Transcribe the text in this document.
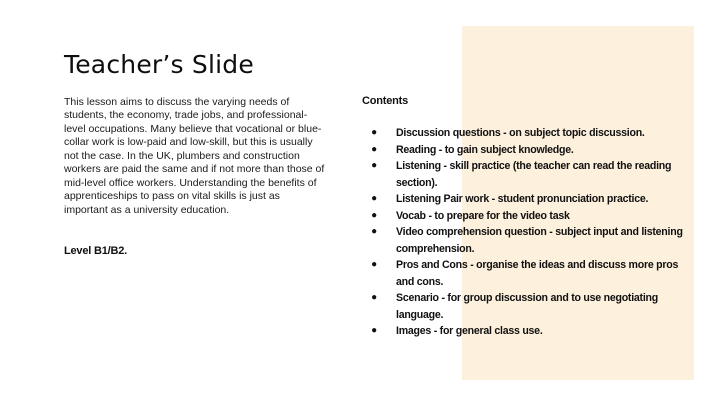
Teacher’s Slide
This lesson aims to discuss the varying needs of students, the economy, trade jobs, and professional-level occupations. Many believe that vocational or blue-collar work is low-paid and low-skill, but this is usually not the case. In the UK, plumbers and construction workers are paid the same and if not more than those of mid-level office workers. Understanding the benefits of apprenticeships to pass on vital skills is just as important as a university education.
Level B1/B2.
Contents
● Discussion questions - on subject topic discussion.
● Reading - to gain subject knowledge.
● Listening - skill practice (the teacher can read the reading section).
● Listening Pair work - student pronunciation practice.
● Vocab - to prepare for the video task
● Video comprehension question - subject input and listening comprehension.
● Pros and Cons - organise the ideas and discuss more pros and cons.
● Scenario - for group discussion and to use negotiating language.
● Images - for general class use.
